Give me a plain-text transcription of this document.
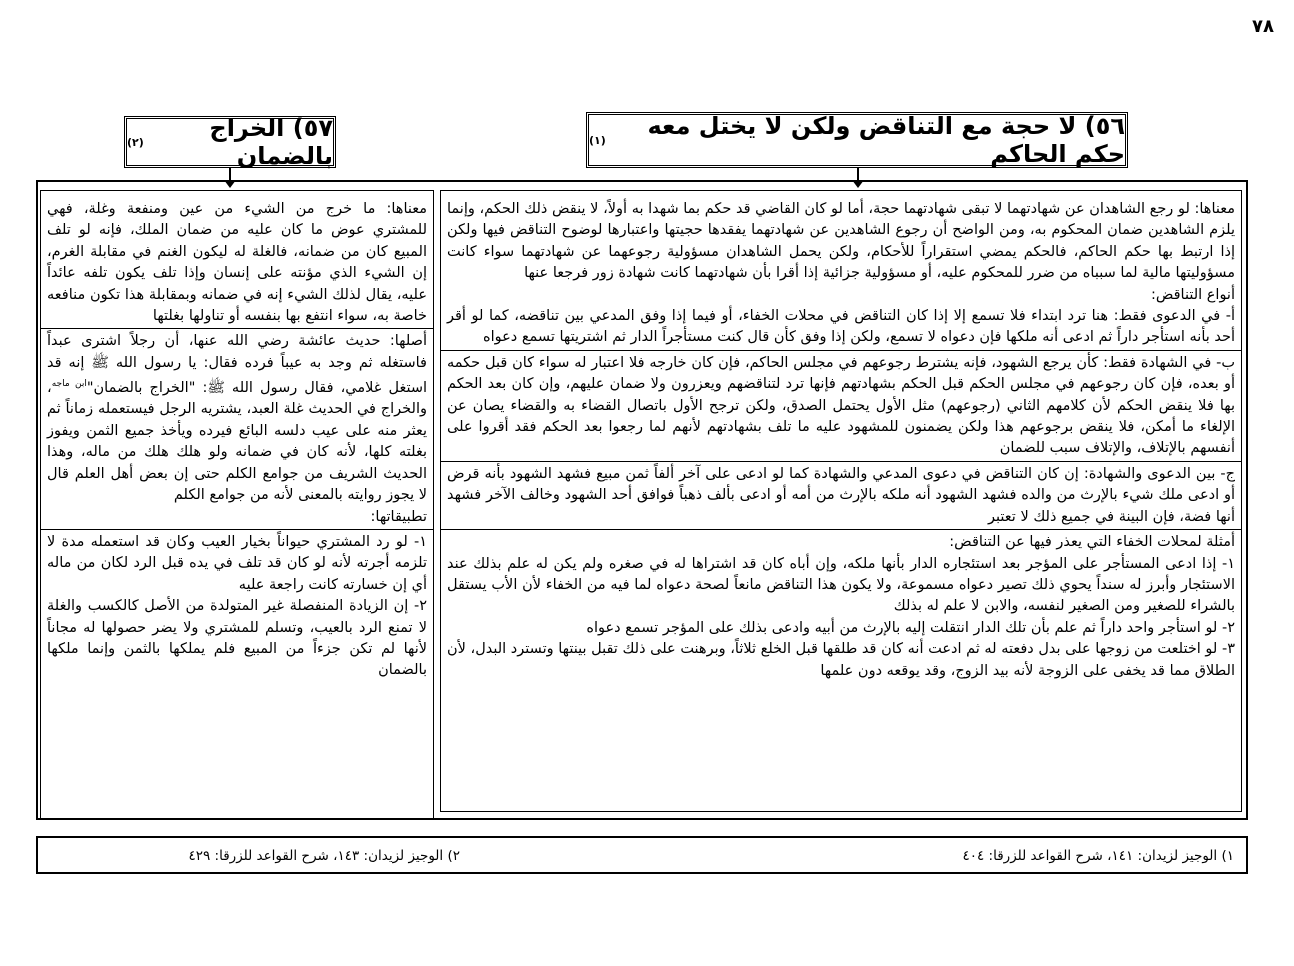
٧٨
٥٦) لا حجة مع التناقض ولكن لا يختل معه حكم الحاكم
(١)
٥٧) الخراج بالضمان
(٢)

معناها: لو رجع الشاهدان عن شهادتهما لا تبقى شهادتهما حجة، أما لو كان القاضي قد حكم بما شهدا به أولاً، لا ينقض ذلك الحكم، وإنما يلزم الشاهدين ضمان المحكوم به، ومن الواضح أن رجوع الشاهدين عن شهادتهما يفقدها حجيتها واعتبارها لوضوح التناقض فيها ولكن إذا ارتبط بها حكم الحاكم، فالحكم يمضي استقراراً للأحكام، ولكن يحمل الشاهدان مسؤولية رجوعهما عن شهادتهما سواء كانت مسؤوليتها مالية لما سبباه من ضرر للمحكوم عليه، أو مسؤولية جزائية إذا أقرا بأن شهادتهما كانت شهادة زور فرجعا عنها

أنواع التناقض:

أ- في الدعوى فقط: هنا ترد ابتداء فلا تسمع إلا إذا كان التناقض في محلات الخفاء، أو فيما إذا وفق المدعي بين تناقضه، كما لو أقر أحد بأنه استأجر داراً ثم ادعى أنه ملكها فإن دعواه لا تسمع، ولكن إذا وفق كأن قال كنت مستأجراً الدار ثم اشتريتها تسمع دعواه

ب- في الشهادة فقط: كأن يرجع الشهود، فإنه يشترط رجوعهم في مجلس الحاكم، فإن كان خارجه فلا اعتبار له سواء كان قبل حكمه أو بعده، فإن كان رجوعهم في مجلس الحكم قبل الحكم بشهادتهم فإنها ترد لتناقضهم ويعزرون ولا ضمان عليهم، وإن كان بعد الحكم بها فلا ينقض الحكم لأن كلامهم الثاني (رجوعهم) مثل الأول يحتمل الصدق، ولكن ترجح الأول باتصال القضاء به والقضاء يصان عن الإلغاء ما أمكن، فلا ينقض برجوعهم هذا ولكن يضمنون للمشهود عليه ما تلف بشهادتهم لأنهم لما رجعوا بعد الحكم فقد أقروا على أنفسهم بالإتلاف، والإتلاف سبب للضمان

ج- بين الدعوى والشهادة: إن كان التناقض في دعوى المدعي والشهادة كما لو ادعى على آخر ألفاً ثمن مبيع فشهد الشهود بأنه قرض أو ادعى ملك شيء بالإرث من والده فشهد الشهود أنه ملكه بالإرث من أمه أو ادعى بألف ذهباً فوافق أحد الشهود وخالف الآخر فشهد أنها فضة، فإن البينة في جميع ذلك لا تعتبر

أمثلة لمحلات الخفاء التي يعذر فيها عن التناقض:

١- إذا ادعى المستأجر على المؤجر بعد استئجاره الدار بأنها ملكه، وإن أباه كان قد اشتراها له في صغره ولم يكن له علم بذلك عند الاستئجار وأبرز له سنداً يحوي ذلك تصير دعواه مسموعة، ولا يكون هذا التناقض مانعاً لصحة دعواه لما فيه من الخفاء لأن الأب يستقل بالشراء للصغير ومن الصغير لنفسه، والابن لا علم له بذلك

٢- لو استأجر واحد داراً ثم علم بأن تلك الدار انتقلت إليه بالإرث من أبيه وادعى بذلك على المؤجر تسمع دعواه

٣- لو اختلعت من زوجها على بدل دفعته له ثم ادعت أنه كان قد طلقها قبل الخلع ثلاثاً، وبرهنت على ذلك تقبل بينتها وتسترد البدل، لأن الطلاق مما قد يخفى على الزوجة لأنه بيد الزوج، وقد يوقعه دون علمها

معناها: ما خرج من الشيء من عين ومنفعة وغلة، فهي للمشتري عوض ما كان عليه من ضمان الملك، فإنه لو تلف المبيع كان من ضمانه، فالغلة له ليكون الغنم في مقابلة الغرم، إن الشيء الذي مؤنته على إنسان وإذا تلف يكون تلفه عائداً عليه، يقال لذلك الشيء إنه في ضمانه وبمقابلة هذا تكون منافعه خاصة به، سواء انتفع بها بنفسه أو تناولها بغلتها

أصلها: حديث عائشة رضي الله عنها، أن رجلاً اشترى عبداً فاستغله ثم وجد به عيباً فرده فقال: يا رسول الله ﷺ إنه قد استغل غلامي، فقال رسول الله ﷺ: "الخراج بالضمان"$^{ابن ماجه}$، والخراج في الحديث غلة العبد، يشتريه الرجل فيستعمله زماناً ثم يعثر منه على عيب دلسه البائع فيرده ويأخذ جميع الثمن ويفوز بغلته كلها، لأنه كان في ضمانه ولو هلك هلك من ماله، وهذا الحديث الشريف من جوامع الكلم حتى إن بعض أهل العلم قال لا يجوز روايته بالمعنى لأنه من جوامع الكلم

تطبيقاتها:

١- لو رد المشتري حيواناً بخيار العيب وكان قد استعمله مدة لا تلزمه أجرته لأنه لو كان قد تلف في يده قبل الرد لكان من ماله أي إن خسارته كانت راجعة عليه

٢- إن الزيادة المنفصلة غير المتولدة من الأصل كالكسب والغلة لا تمنع الرد بالعيب، وتسلم للمشتري ولا يضر حصولها له مجاناً لأنها لم تكن جزءاً من المبيع فلم يملكها بالثمن وإنما ملكها بالضمان

١) الوجيز لزيدان: ١٤١، شرح القواعد للزرقا: ٤٠٤
٢) الوجيز لزيدان: ١٤٣، شرح القواعد للزرقا: ٤٢٩
